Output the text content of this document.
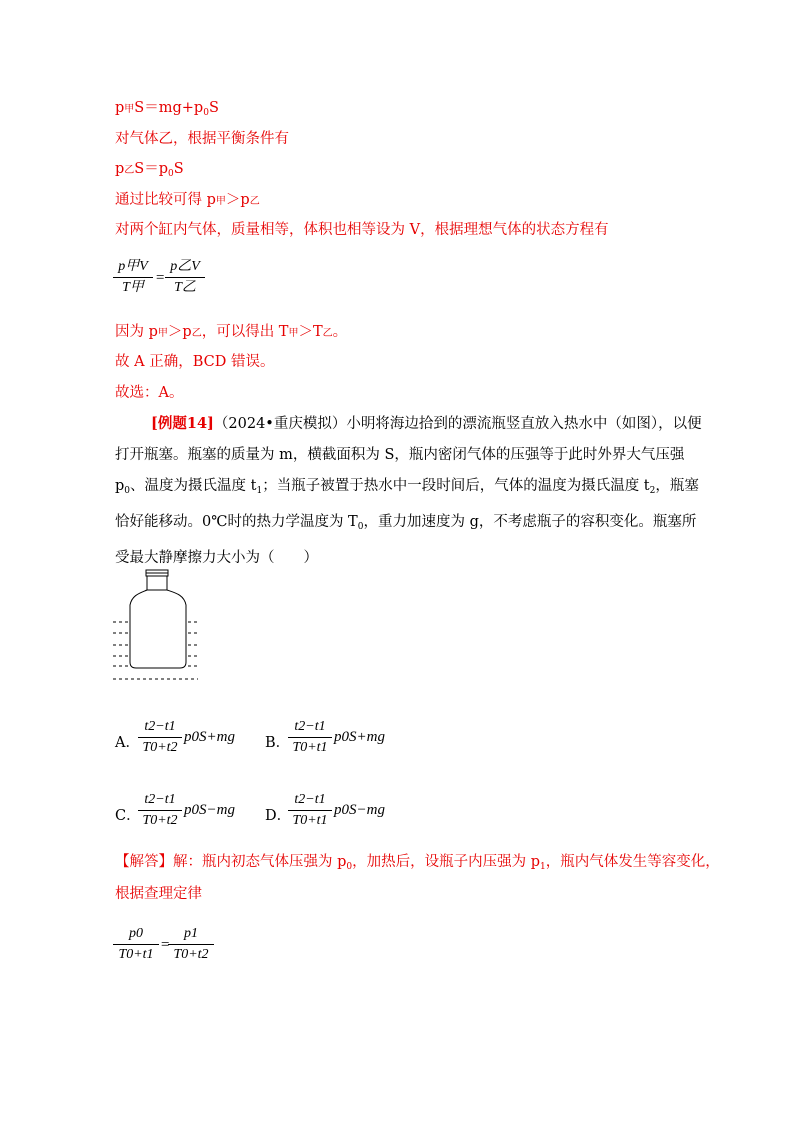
p甲$S=mg+p_0S$
对气体乙，根据平衡条件有
p乙$S=p_0S$
通过比较可得 p甲＞p乙
对两个缸内气体，质量相等，体积也相等设为 V，根据理想气体的状态方程有
p甲V
T甲
=
p乙V
T乙
因为 p甲＞p乙，可以得出 T甲＞T乙。
故 A 正确，BCD 错误。
故选：A。
[例题14]（2024•重庆模拟）小明将海边拾到的漂流瓶竖直放入热水中（如图），以便打开瓶塞。瓶塞的质量为 m，横截面积为 S，瓶内密闭气体的压强等于此时外界大气压强 $p_0$、温度为摄氏温度 $t_1$；当瓶子被置于热水中一段时间后，气体的温度为摄氏温度 $t_2$，瓶塞恰好能移动。0℃时的热力学温度为 $T_0$，重力加速度为 g，不考虑瓶子的容积变化。瓶塞所受最大静摩擦力大小为（　　）
A．
t2−t1
T0+t2
p0S+mg B．
t2−t1
T0+t1
p0S+mg
C．
t2−t1
T0+t2
p0S−mg D．
t2−t1
T0+t1
p0S−mg
【解答】解：瓶内初态气体压强为 $p_0$，加热后，设瓶子内压强为 $p_1$，瓶内气体发生等容变化，
根据查理定律
p0
T0+t1
=
p1
T0+t2
